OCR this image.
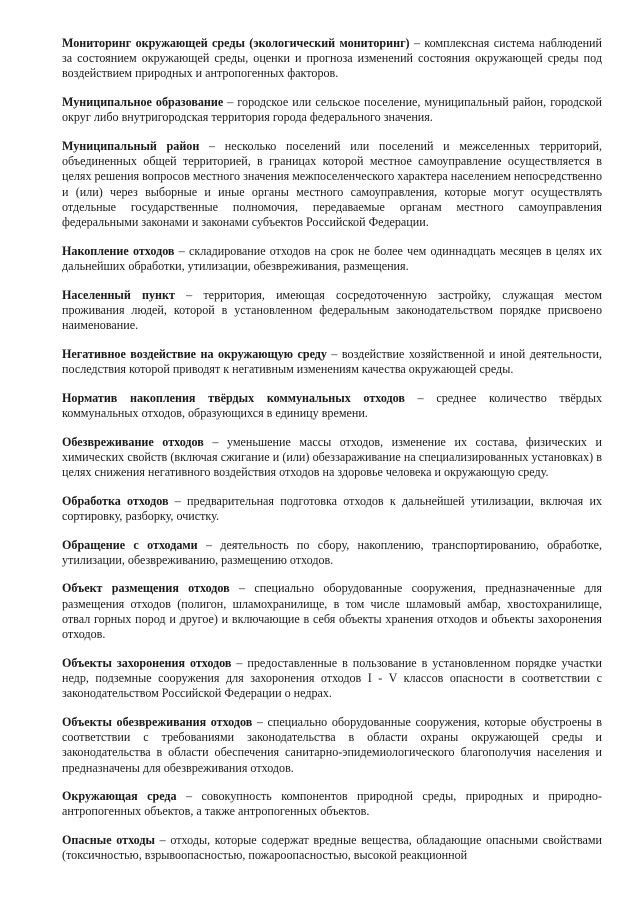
Мониторинг окружающей среды (экологический мониторинг) – комплексная система наблюдений за состоянием окружающей среды, оценки и прогноза изменений состояния окружающей среды под воздействием природных и антропогенных факторов.

Муниципальное образование – городское или сельское поселение, муниципальный район, городской округ либо внутригородская территория города федерального значения.

Муниципальный район – несколько поселений или поселений и межселенных территорий, объединенных общей территорией, в границах которой местное самоуправление осуществляется в целях решения вопросов местного значения межпоселенческого характера населением непосредственно и (или) через выборные и иные органы местного самоуправления, которые могут осуществлять отдельные государственные полномочия, передаваемые органам местного самоуправления федеральными законами и законами субъектов Российской Федерации.

Накопление отходов – складирование отходов на срок не более чем одиннадцать месяцев в целях их дальнейших обработки, утилизации, обезвреживания, размещения.

Населенный пункт – территория, имеющая сосредоточенную застройку, служащая местом проживания людей, которой в установленном федеральным законодательством порядке присвоено наименование.

Негативное воздействие на окружающую среду – воздействие хозяйственной и иной деятельности, последствия которой приводят к негативным изменениям качества окружающей среды.

Норматив накопления твёрдых коммунальных отходов – среднее количество твёрдых коммунальных отходов, образующихся в единицу времени.

Обезвреживание отходов – уменьшение массы отходов, изменение их состава, физических и химических свойств (включая сжигание и (или) обеззараживание на специализированных установках) в целях снижения негативного воздействия отходов на здоровье человека и окружающую среду.

Обработка отходов – предварительная подготовка отходов к дальнейшей утилизации, включая их сортировку, разборку, очистку.

Обращение с отходами – деятельность по сбору, накоплению, транспортированию, обработке, утилизации, обезвреживанию, размещению отходов.

Объект размещения отходов – специально оборудованные сооружения, предназначенные для размещения отходов (полигон, шламохранилище, в том числе шламовый амбар, хвостохранилище, отвал горных пород и другое) и включающие в себя объекты хранения отходов и объекты захоронения отходов.

Объекты захоронения отходов – предоставленные в пользование в установленном порядке участки недр, подземные сооружения для захоронения отходов I - V классов опасности в соответствии с законодательством Российской Федерации о недрах.

Объекты обезвреживания отходов – специально оборудованные сооружения, которые обустроены в соответствии с требованиями законодательства в области охраны окружающей среды и законодательства в области обеспечения санитарно-эпидемиологического благополучия населения и предназначены для обезвреживания отходов.

Окружающая среда – совокупность компонентов природной среды, природных и природно-антропогенных объектов, а также антропогенных объектов.

Опасные отходы – отходы, которые содержат вредные вещества, обладающие опасными свойствами (токсичностью, взрывоопасностью, пожароопасностью, высокой реакционной
